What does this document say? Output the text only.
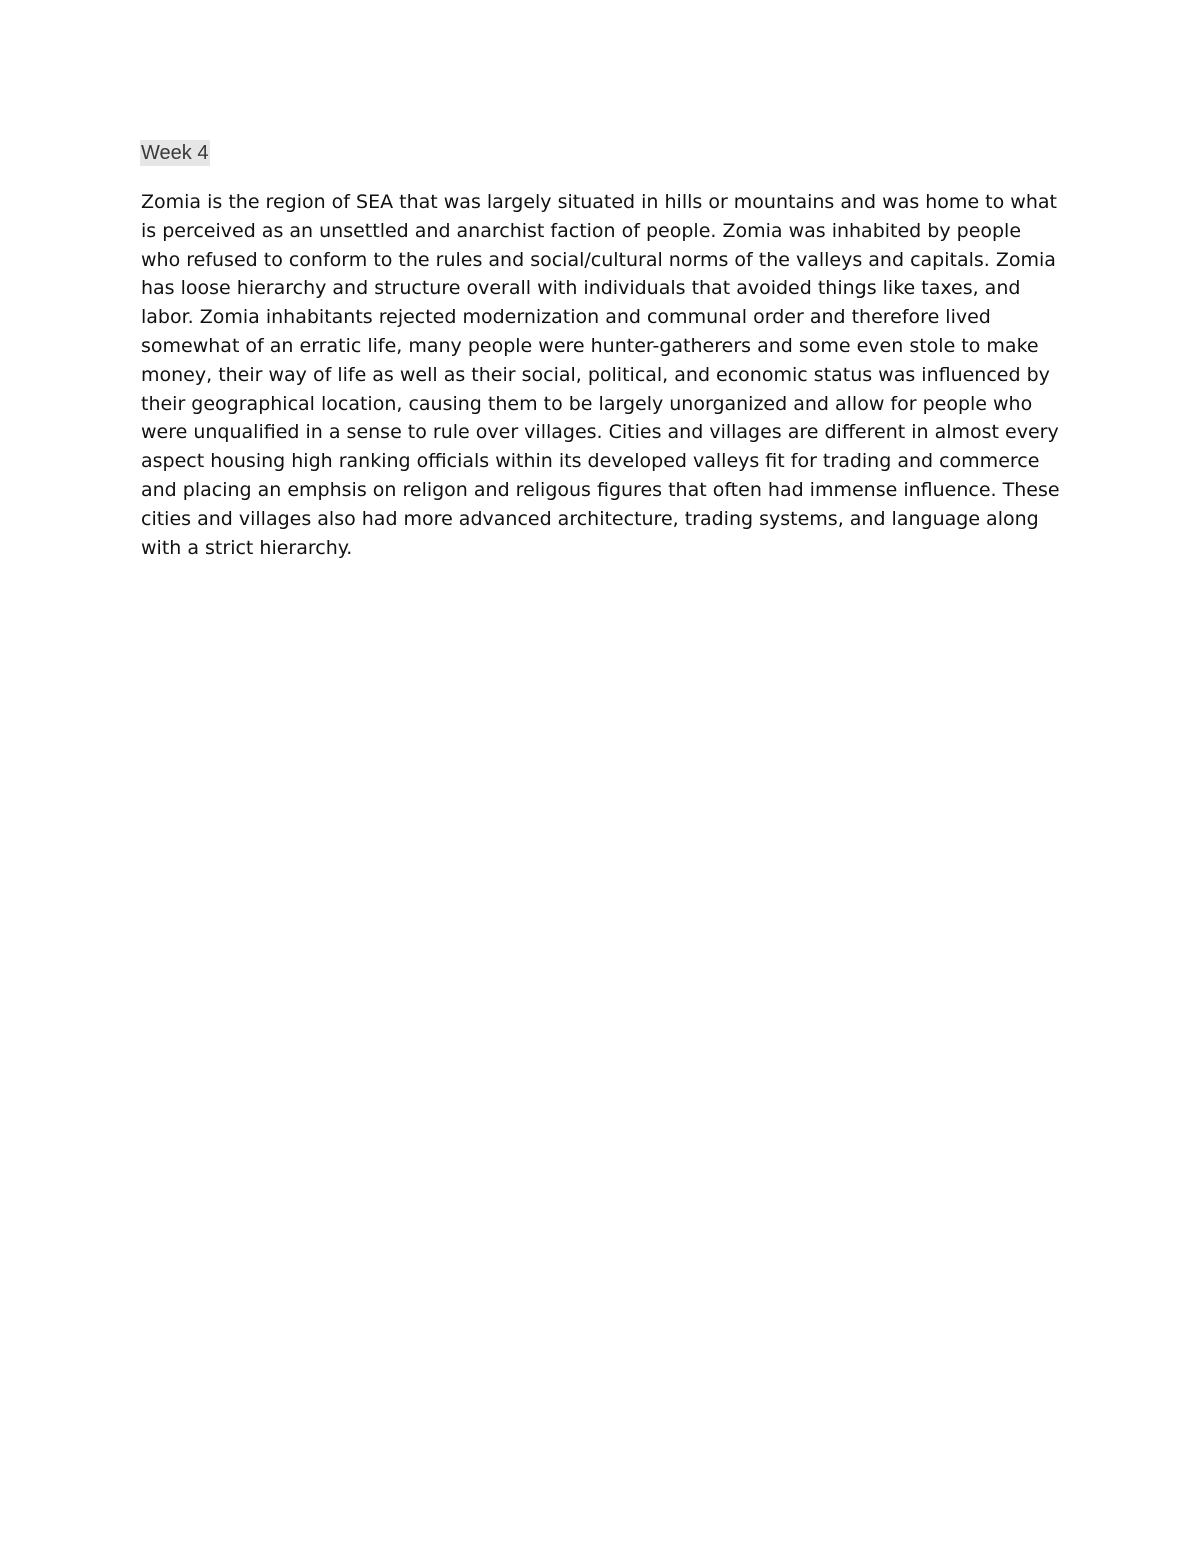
Week 4

Zomia is the region of SEA that was largely situated in hills or mountains and was home to what
is perceived as an unsettled and anarchist faction of people. Zomia was inhabited by people
who refused to conform to the rules and social/cultural norms of the valleys and capitals. Zomia
has loose hierarchy and structure overall with individuals that avoided things like taxes, and
labor. Zomia inhabitants rejected modernization and communal order and therefore lived
somewhat of an erratic life, many people were hunter-gatherers and some even stole to make
money, their way of life as well as their social, political, and economic status was influenced by
their geographical location, causing them to be largely unorganized and allow for people who
were unqualified in a sense to rule over villages. Cities and villages are different in almost every
aspect housing high ranking officials within its developed valleys fit for trading and commerce
and placing an emphsis on religon and religous figures that often had immense influence. These
cities and villages also had more advanced architecture, trading systems, and language along
with a strict hierarchy.
